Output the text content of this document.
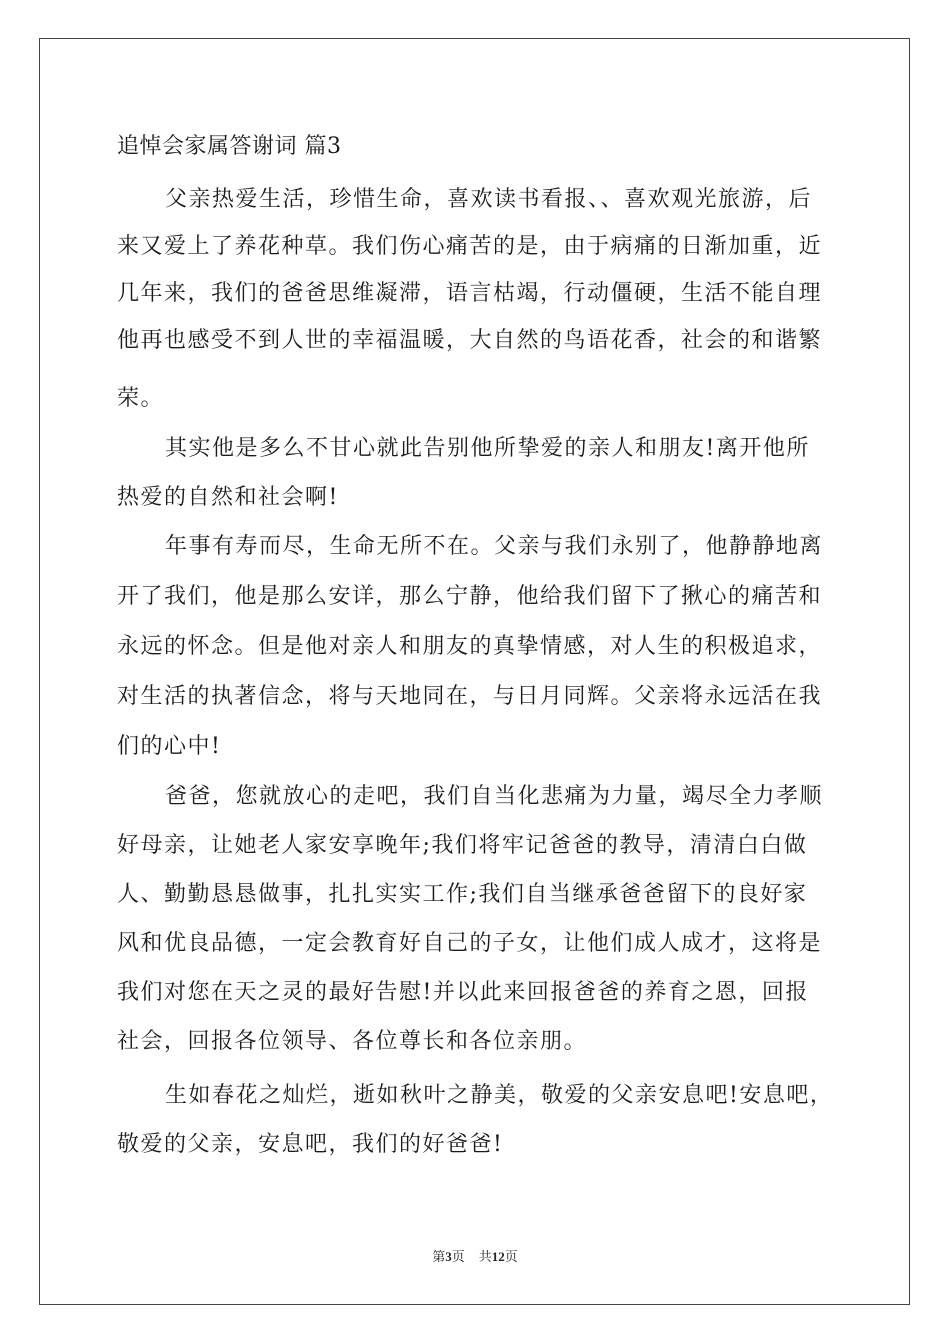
追悼会家属答谢词 篇3
父亲热爱生活，珍惜生命，喜欢读书看报、、喜欢观光旅游，后
来又爱上了养花种草。我们伤心痛苦的是，由于病痛的日渐加重，近
几年来，我们的爸爸思维凝滞，语言枯竭，行动僵硬，生活不能自理
他再也感受不到人世的幸福温暖，大自然的鸟语花香，社会的和谐繁
荣。
其实他是多么不甘心就此告别他所挚爱的亲人和朋友!离开他所
热爱的自然和社会啊!
年事有寿而尽，生命无所不在。父亲与我们永别了，他静静地离
开了我们，他是那么安详，那么宁静，他给我们留下了揪心的痛苦和
永远的怀念。但是他对亲人和朋友的真挚情感，对人生的积极追求，
对生活的执著信念，将与天地同在，与日月同辉。父亲将永远活在我
们的心中!
爸爸，您就放心的走吧，我们自当化悲痛为力量，竭尽全力孝顺
好母亲，让她老人家安享晚年;我们将牢记爸爸的教导，清清白白做
人、勤勤恳恳做事，扎扎实实工作;我们自当继承爸爸留下的良好家
风和优良品德，一定会教育好自己的子女，让他们成人成才，这将是
我们对您在天之灵的最好告慰!并以此来回报爸爸的养育之恩，回报
社会，回报各位领导、各位尊长和各位亲朋。
生如春花之灿烂，逝如秋叶之静美，敬爱的父亲安息吧!安息吧，
敬爱的父亲，安息吧，我们的好爸爸!
第3页 共12页
